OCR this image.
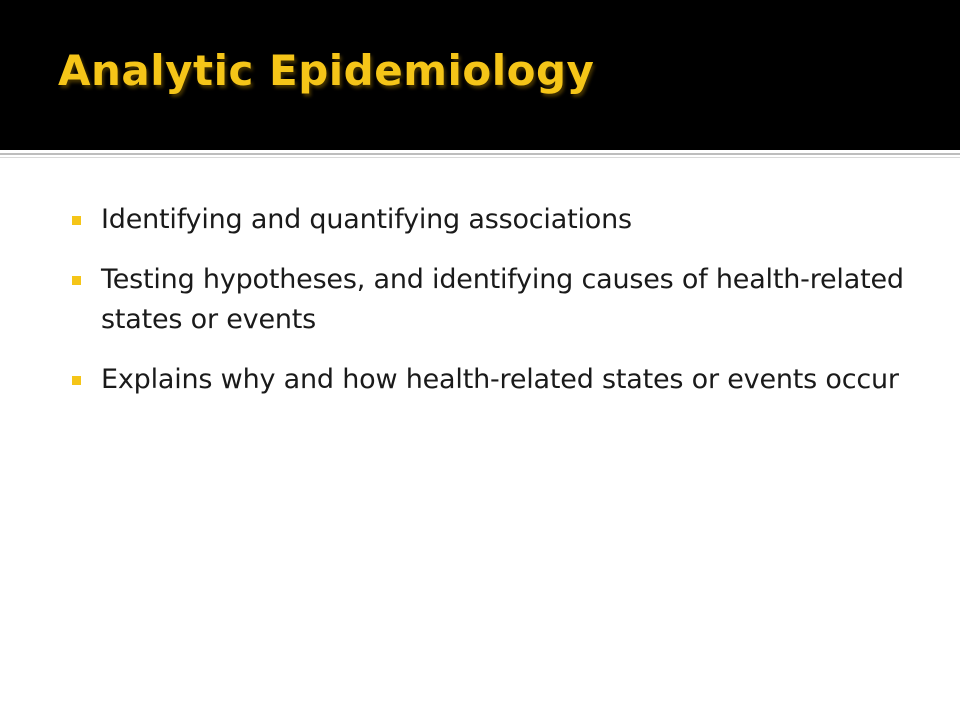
Analytic Epidemiology
Identifying and quantifying associations
Testing hypotheses, and identifying causes of health-related states or events
Explains why and how health-related states or events occur
